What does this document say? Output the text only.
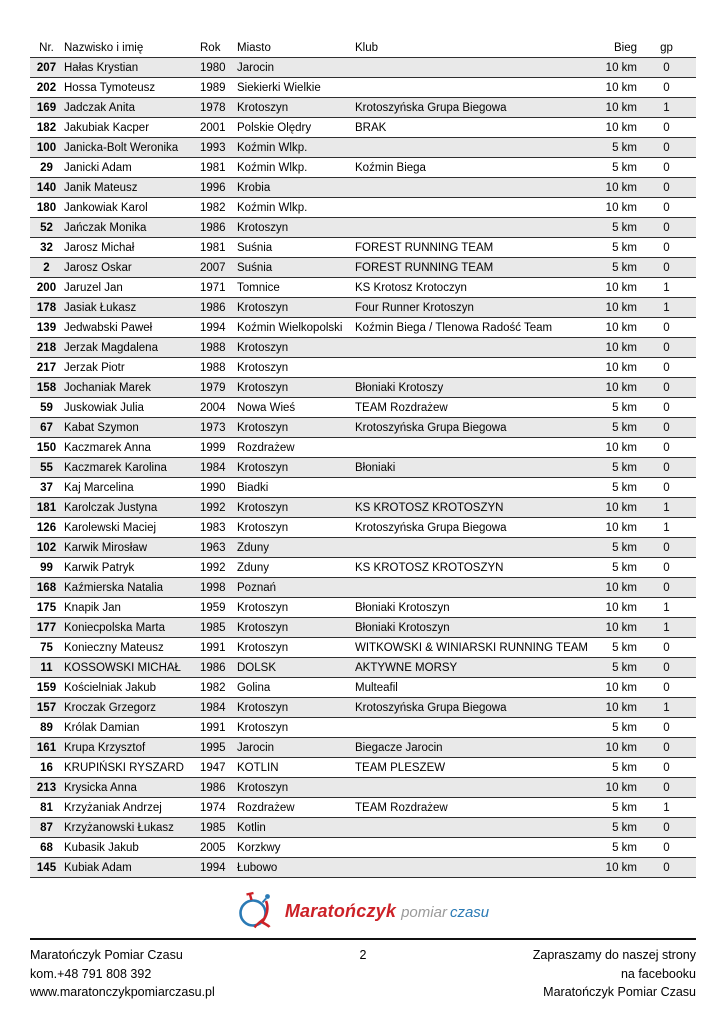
Nr. Nazwisko i imię	Rok	Miasto	Klub	Bieg	gp
207 Hałas Krystian	1980 Jarocin	10 km	0
202 Hossa Tymoteusz	1989 Siekierki Wielkie	10 km	0
169 Jadczak Anita	1978 Krotoszyn	Krotoszyńska Grupa Biegowa	10 km	1
182 Jakubiak Kacper	2001 Polskie Olędry	BRAK	10 km	0
100 Janicka-Bolt Weronika	1993 Koźmin Wlkp.	5 km	0
29 Janicki Adam	1981 Koźmin Wlkp.	Koźmin Biega	5 km	0
140 Janik Mateusz	1996 Krobia	10 km	0
180 Jankowiak Karol	1982 Koźmin Wlkp.	10 km	0
52 Jańczak Monika	1986 Krotoszyn	5 km	0
32 Jarosz Michał	1981 Suśnia	FOREST RUNNING TEAM	5 km	0
2	Jarosz Oskar	2007 Suśnia	FOREST RUNNING TEAM	5 km	0
200 Jaruzel Jan	1971 Tomnice	KS Krotosz Krotoczyn	10 km	1
178 Jasiak Łukasz	1986 Krotoszyn	Four Runner Krotoszyn	10 km	1
139 Jedwabski Paweł	1994 Koźmin Wielkopolski	Koźmin Biega / Tlenowa Radość Team	10 km	0
218 Jerzak Magdalena	1988 Krotoszyn	10 km	0
217 Jerzak Piotr	1988 Krotoszyn	10 km	0
158 Jochaniak Marek	1979 Krotoszyn	Błoniaki Krotoszy	10 km	0
59 Juskowiak Julia	2004 Nowa Wieś	TEAM Rozdrażew	5 km	0
67 Kabat Szymon	1973 Krotoszyn	Krotoszyńska Grupa Biegowa	5 km	0
150 Kaczmarek Anna	1999 Rozdrażew	10 km	0
55 Kaczmarek Karolina	1984 Krotoszyn	Błoniaki	5 km	0
37 Kaj Marcelina	1990 Biadki	5 km	0
181 Karolczak Justyna	1992 Krotoszyn	KS KROTOSZ KROTOSZYN	10 km	1
126 Karolewski Maciej	1983 Krotoszyn	Krotoszyńska Grupa Biegowa	10 km	1
102 Karwik Mirosław	1963 Zduny	5 km	0
99 Karwik Patryk	1992 Zduny	KS KROTOSZ KROTOSZYN	5 km	0
168 Kaźmierska Natalia	1998 Poznań	10 km	0
175 Knapik Jan	1959 Krotoszyn	Błoniaki Krotoszyn	10 km	1
177 Koniecpolska Marta	1985 Krotoszyn	Błoniaki Krotoszyn	10 km	1
75 Konieczny Mateusz	1991 Krotoszyn	WITKOWSKI & WINIARSKI RUNNING TEAM	5 km	0
11 KOSSOWSKI MICHAŁ	1986 DOLSK	AKTYWNE MORSY	5 km	0
159 Kościelniak Jakub	1982 Golina	Multeafil	10 km	0
157 Kroczak Grzegorz	1984 Krotoszyn	Krotoszyńska Grupa Biegowa	10 km	1
89 Królak Damian	1991 Krotoszyn	5 km	0
161 Krupa Krzysztof	1995 Jarocin	Biegacze Jarocin	10 km	0
16 KRUPIŃSKI RYSZARD	1947 KOTLIN	TEAM PLESZEW	5 km	0
213 Krysicka Anna	1986 Krotoszyn	10 km	0
81 Krzyżaniak Andrzej	1974 Rozdrażew	TEAM Rozdrażew	5 km	1
87 Krzyżanowski Łukasz	1985 Kotlin	5 km	0
68 Kubasik Jakub	2005 Korzkwy	5 km	0
145 Kubiak Adam	1994 Łubowo	10 km	0
Maratończyk pomiar czasu
Maratończyk Pomiar Czasu
kom.+48 791 808 392
www.maratonczykpomiarczasu.pl
2	Zapraszamy do naszej strony
na facebooku
Maratończyk Pomiar Czasu
